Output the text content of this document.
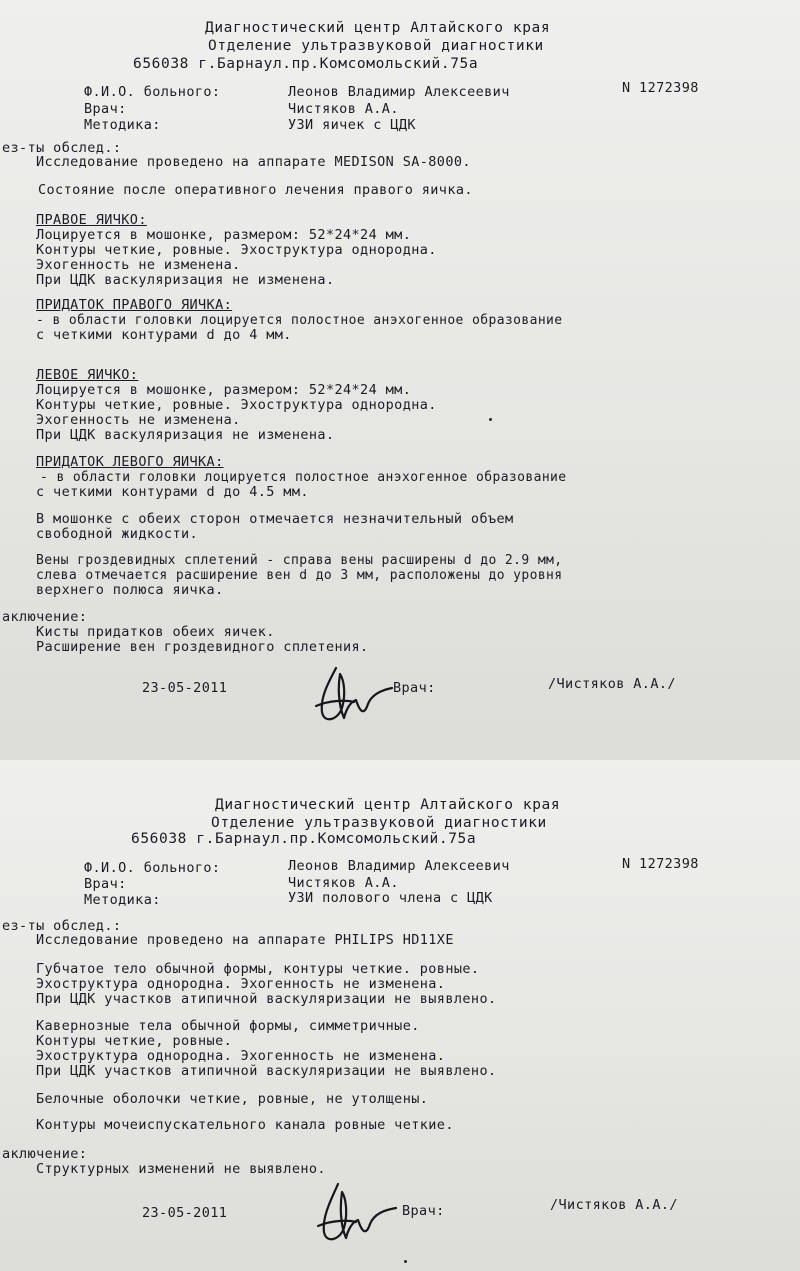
Диагностический центр Алтайского края
Отделение ультразвуковой диагностики
656038 г.Барнаул.пр.Комсомольский.75а
Ф.И.О. больного:	Леонов Владимир Алексеевич	N 1272398
Врач:	Чистяков А.А.
Методика:	УЗИ яичек с ЦДК
ез-ты обслед.:
Исследование проведено на аппарате MEDISON SA-8000.
Состояние после оперативного лечения правого яичка.
ПРАВОЕ ЯИЧКО:
Лоцируется в мошонке, размером: 52*24*24 мм.
Контуры четкие, ровные. Эхоструктура однородна.
Эхогенность не изменена.
При ЦДК васкуляризация не изменена.
ПРИДАТОК ПРАВОГО ЯИЧКА:
- в области головки лоцируется полостное анэхогенное образование
с четкими контурами d до 4 мм.
ЛЕВОЕ ЯИЧКО:
Лоцируется в мошонке, размером: 52*24*24 мм.
Контуры четкие, ровные. Эхоструктура однородна.
Эхогенность не изменена.
При ЦДК васкуляризация не изменена.
ПРИДАТОК ЛЕВОГО ЯИЧКА:
- в области головки лоцируется полостное анэхогенное образование
с четкими контурами d до 4.5 мм.
В мошонке с обеих сторон отмечается незначительный объем
свободной жидкости.
Вены гроздевидных сплетений - справа вены расширены d до 2.9 мм,
слева отмечается расширение вен d до 3 мм, расположены до уровня
верхнего полюса яичка.
аключение:
Кисты придатков обеих яичек.
Расширение вен гроздевидного сплетения.
23-05-2011	Врач:	/Чистяков А.А./
Диагностический центр Алтайского края
Отделение ультразвуковой диагностики
656038 г.Барнаул.пр.Комсомольский.75а
Ф.И.О. больного:	Леонов Владимир Алексеевич	N 1272398
Врач:	Чистяков А.А.
Методика:	УЗИ полового члена с ЦДК
ез-ты обслед.:
Исследование проведено на аппарате PHILIPS HD11XE
Губчатое тело обычной формы, контуры четкие. ровные.
Эхоструктура однородна. Эхогенность не изменена.
При ЦДК участков атипичной васкуляризации не выявлено.
Кавернозные тела обычной формы, симметричные.
Контуры четкие, ровные.
Эхоструктура однородна. Эхогенность не изменена.
При ЦДК участков атипичной васкуляризации не выявлено.
Белочные оболочки четкие, ровные, не утолщены.
Контуры мочеиспускательного канала ровные четкие.
аключение:
Структурных изменений не выявлено.
23-05-2011	Врач:	/Чистяков А.А./
